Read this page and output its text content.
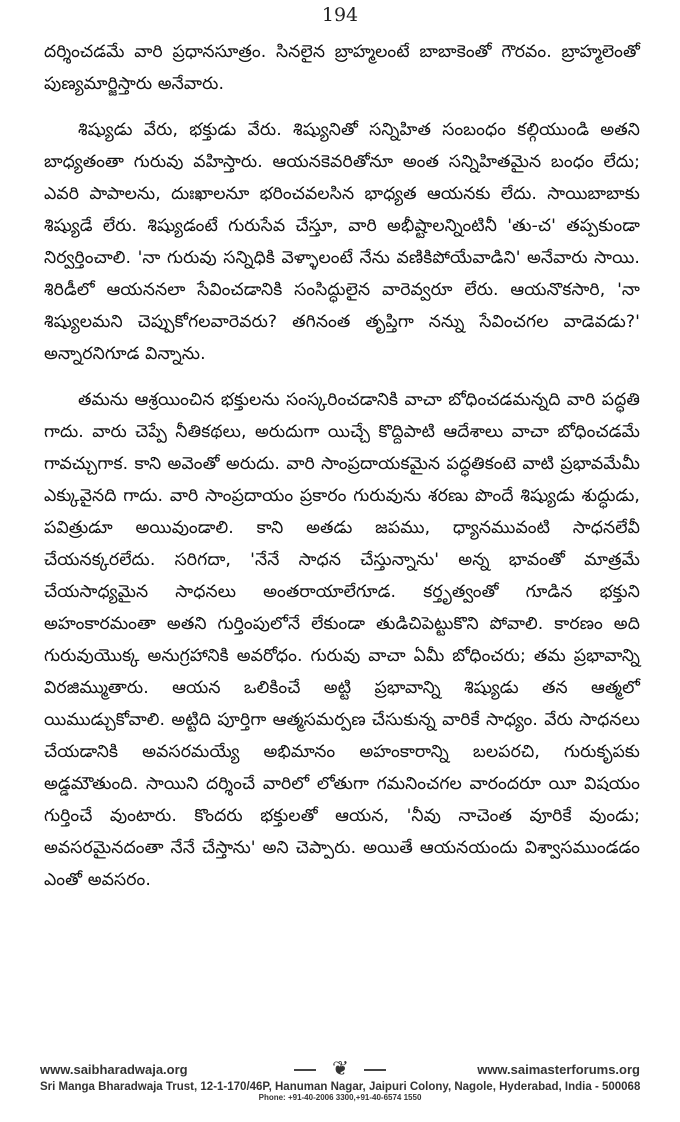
194

దర్శించడమే వారి ప్రధానసూత్రం. సినలైన బ్రాహ్మలంటే బాబాకెంతో గౌరవం. బ్రాహ్మలెంతో పుణ్యమార్జిస్తారు అనేవారు.

శిష్యుడు వేరు, భక్తుడు వేరు. శిష్యునితో సన్నిహిత సంబంధం కల్గియుండి అతని బాధ్యతంతా గురువు వహిస్తారు. ఆయనకెవరితోనూ అంత సన్నిహితమైన బంధం లేదు; ఎవరి పాపాలను, దుఃఖాలనూ భరించవలసిన భాధ్యత ఆయనకు లేదు. సాయిబాబాకు శిష్యుడే లేరు. శిష్యుడంటే గురుసేవ చేస్తూ, వారి అభీష్టాలన్నింటినీ 'తు-చ' తప్పకుండా నిర్వర్తించాలి. 'నా గురువు సన్నిధికి వెళ్ళాలంటే నేను వణికిపోయేవాడిని' అనేవారు సాయి. శిరిడీలో ఆయననలా సేవించడానికి సంసిద్ధులైన వారెవ్వరూ లేరు. ఆయనొకసారి, 'నా శిష్యులమని చెప్పుకోగలవారెవరు? తగినంత తృప్తిగా నన్ను సేవించగల వాడెవడు?' అన్నారనిగూడ విన్నాను.

తమను ఆశ్రయించిన భక్తులను సంస్కరించడానికి వాచా బోధించడమన్నది వారి పద్ధతి గాదు. వారు చెప్పే నీతికథలు, అరుదుగా యిచ్చే కొద్దిపాటి ఆదేశాలు వాచా బోధించడమే గావచ్చుగాక. కాని అవెంతో అరుదు. వారి సాంప్రదాయకమైన పద్ధతికంటె వాటి ప్రభావమేమీ ఎక్కువైనది గాదు. వారి సాంప్రదాయం ప్రకారం గురువును శరణు పొందే శిష్యుడు శుద్ధుడు, పవిత్రుడూ అయివుండాలి. కాని అతడు జపము, ధ్యానమువంటి సాధనలేవీ చేయనక్కరలేదు. సరిగదా, 'నేనే సాధన చేస్తున్నాను' అన్న భావంతో మాత్రమే చేయసాధ్యమైన సాధనలు అంతరాయాలేగూడ. కర్తృత్వంతో గూడిన భక్తుని అహంకారమంతా అతని గుర్తింపులోనే లేకుండా తుడిచిపెట్టుకొని పోవాలి. కారణం అది గురువుయొక్క అనుగ్రహానికి అవరోధం. గురువు వాచా ఏమీ బోధించరు; తమ ప్రభావాన్ని విరజిమ్ముతారు. ఆయన ఒలికించే అట్టి ప్రభావాన్ని శిష్యుడు తన ఆత్మలో యిముడ్చుకోవాలి. అట్టిది పూర్తిగా ఆత్మసమర్పణ చేసుకున్న వారికే సాధ్యం. వేరు సాధనలు చేయడానికి అవసరమయ్యే అభిమానం అహంకారాన్ని బలపరచి, గురుకృపకు అడ్డమౌతుంది. సాయిని దర్శించే వారిలో లోతుగా గమనించగల వారందరూ యీ విషయం గుర్తించే వుంటారు. కొందరు భక్తులతో ఆయన, 'నీవు నాచెంత వూరికే వుండు; అవసరమైనదంతా నేనే చేస్తాను' అని చెప్పారు. అయితే ఆయనయందు విశ్వాసముండడం ఎంతో అవసరం.

www.saibharadwaja.org	❦	www.saimasterforums.org
Sri Manga Bharadwaja Trust, 12-1-170/46P, Hanuman Nagar, Jaipuri Colony, Nagole, Hyderabad, India - 500068
Phone: +91-40-2006 3300,+91-40-6574 1550
